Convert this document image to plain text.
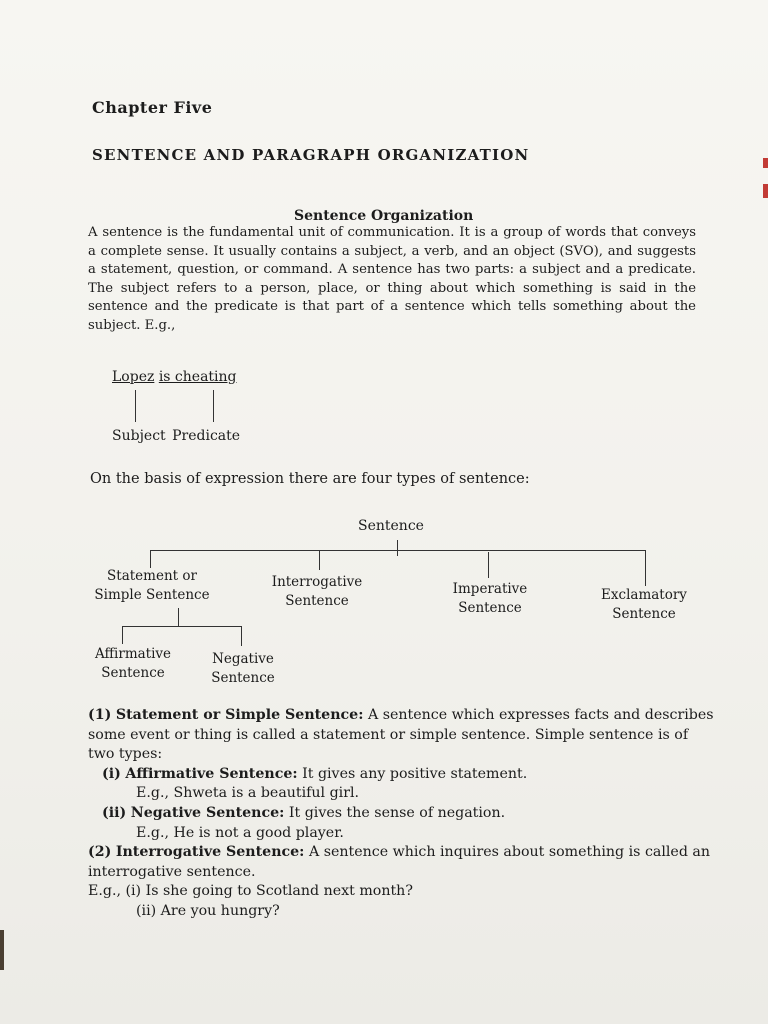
Chapter Five
SENTENCE AND PARAGRAPH ORGANIZATION
Sentence Organization
A sentence is the fundamental unit of communication. It is a group of words that conveys a complete sense. It usually contains a subject, a verb, and an object (SVO), and suggests a statement, question, or command. A sentence has two parts: a subject and a predicate. The subject refers to a person, place, or thing about which something is said in the sentence and the predicate is that part of a sentence which tells something about the subject. E.g.,
Lopez is cheating
Subject Predicate
On the basis of expression there are four types of sentence:
Sentence
Statement or
Simple Sentence
Interrogative
Sentence
Imperative
Sentence
Exclamatory
Sentence
Affirmative
Sentence
Negative
Sentence

(1) Statement or Simple Sentence: A sentence which expresses facts and describes some event or thing is called a statement or simple sentence. Simple sentence is of two types:

(i) Affirmative Sentence: It gives any positive statement.

E.g., Shweta is a beautiful girl.

(ii) Negative Sentence: It gives the sense of negation.

E.g., He is not a good player.

(2) Interrogative Sentence: A sentence which inquires about something is called an interrogative sentence.

E.g., (i) Is she going to Scotland next month?

(ii) Are you hungry?
